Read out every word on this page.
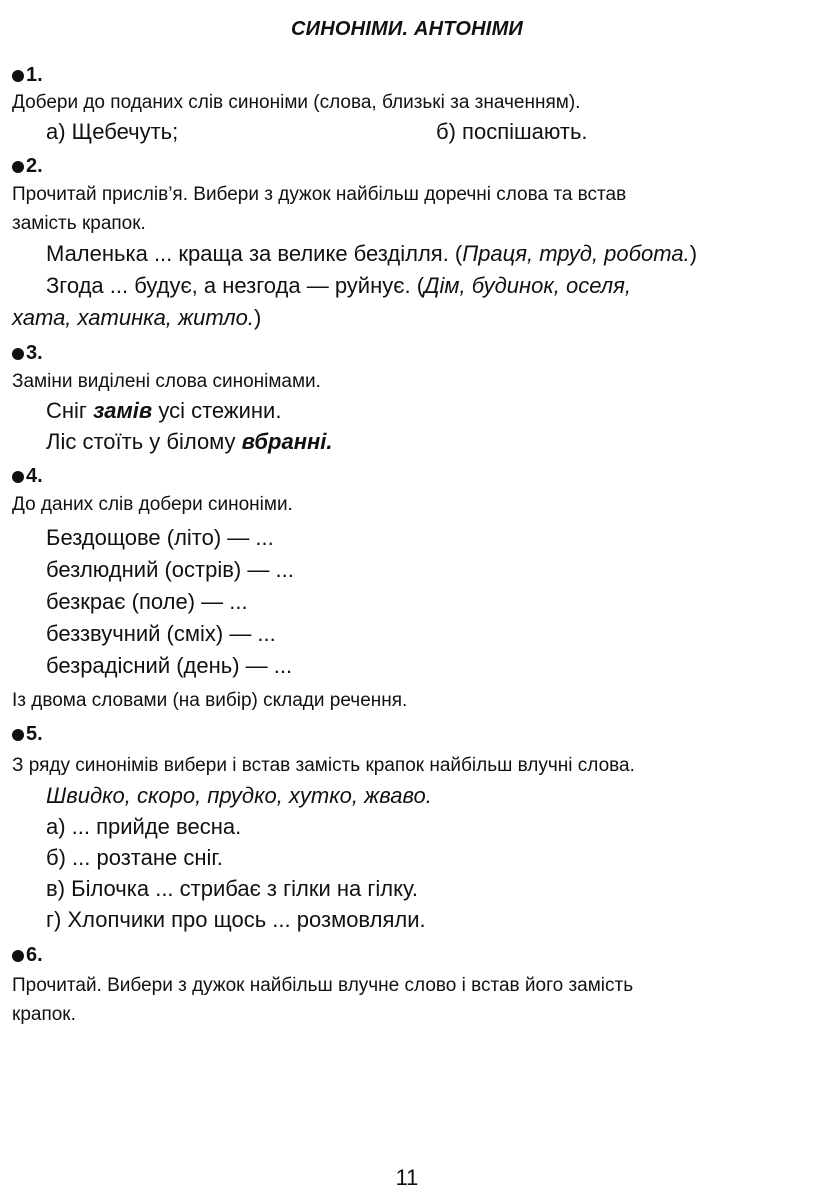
СИНОНІМИ. АНТОНІМИ
1.
Добери до поданих слів синоніми (слова, близькі за значенням).
а) Щебечуть;	б) поспішають.
2.
Прочитай прислів’я. Вибери з дужок найбільш доречні слова та встав
замість крапок.
Маленька ... краща за велике безділля. (Праця, труд, робота.)
Згода ... будує, а незгода — руйнує. (Дім, будинок, оселя,
хата, хатинка, житло.)
3.
Заміни виділені слова синонімами.
Сніг замів усі стежини.
Ліс стоїть у білому вбранні.
4.
До даних слів добери синоніми.
Бездощове (літо) — ...
безлюдний (острів) — ...
безкрає (поле) — ...
беззвучний (сміх) — ...
безрадісний (день) — ...
Із двома словами (на вибір) склади речення.
5.
З ряду синонімів вибери і встав замість крапок найбільш влучні слова.
Швидко, скоро, прудко, хутко, жваво.
а) ... прийде весна.
б) ... розтане сніг.
в) Білочка ... стрибає з гілки на гілку.
г) Хлопчики про щось ... розмовляли.
6.
Прочитай. Вибери з дужок найбільш влучне слово і встав його замість
крапок.
11
